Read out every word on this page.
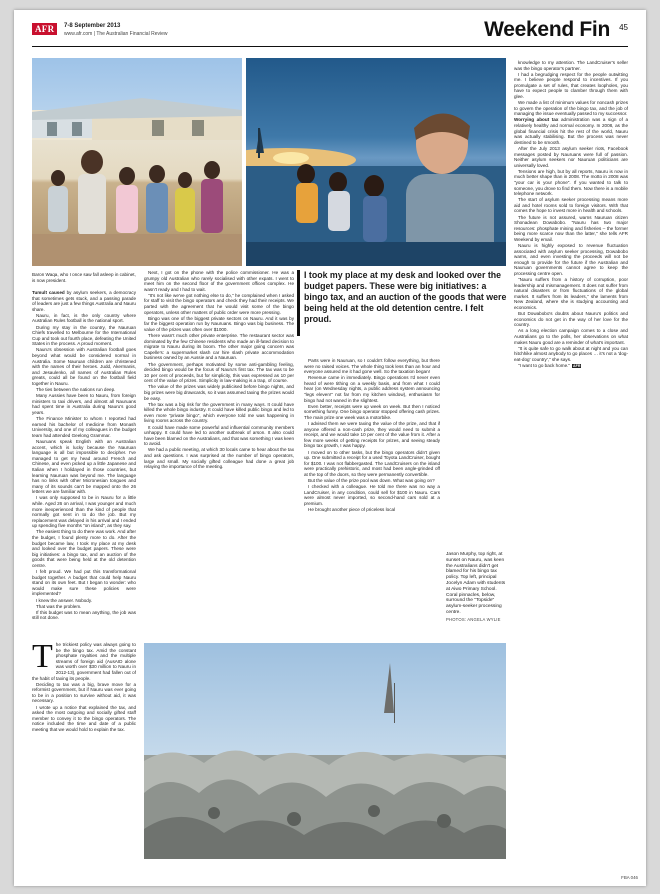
AFR	7-8 September 2013
www.afr.com | The Australian Financial Review	Weekend Fin 45
Baron Waqa, who I once saw fall asleep in cabinet, is now president.

Tumult caused by asylum seekers, a democracy that sometimes gets stuck, and a passing parade of leaders are just a few things Australia and Nauru share.

Nauru, in fact, is the only country where Australian Rules football is the national sport.

During my stay in the country, the Nauruan Chiefs travelled to Melbourne for the International Cup and took out fourth place, defeating the United States in the process. A proud moment.

Nauru's obsession with Australian football goes beyond what would be considered normal in Australia. Some Nauruan children are christened with the names of their heroes. Judd, Akermanis, and Jesaulenko, all names of Australian Rules greats, could all be found on the football field together in Nauru.

The ties between the nations run deep.

Many Aussies have been to Nauru, from foreign ministers to taxi drivers, and almost all Nauruans had spent time in Australia during Nauru's good years.

The Finance Minister to whom I reported had earned his bachelor of medicine from Monash University, and one of my colleagues in the budget team had attended Geelong Grammar.

Nauruans speak English with an Australian accent, which is lucky because the Nauruan language is all but impossible to decipher. I've managed to get my head around French and Chinese, and even picked up a little Japanese and Italian when I holidayed in those countries, but learning Nauruan was beyond me. The language has no links with other Micronesian tongues and many of its sounds can't be mapped onto the 26 letters we are familiar with.

I was only supposed to be in Nauru for a little while. Aged 26 on arrival, I was younger and much more inexperienced than the kind of people that normally got sent in to do the job. But my replacement was delayed in his arrival and I ended up spending five months "on island", as they say.

The easiest thing to do there was work. And after the budget, I found plenty more to do. After the budget became law, I took my place at my desk and looked over the budget papers. These were big initiatives: a bingo tax, and an auction of the goods that were being held at the old detention centre.

I felt proud. We had put this transformational budget together. A budget that could help Nauru stand on its own feet. But I began to wonder: who would make sure these policies were implemented?

I knew the answer. Nobody.

That was the problem.

If this budget was to mean anything, the job was still not done.

The trickiest policy was always going to be the bingo tax. Amid the constant phosphate royalties and the multiple streams of foreign aid (AusAID alone was worth over $30 million to Nauru in 2012-13), government had fallen out of the habit of taxing its people.

Deciding to tax was a big, brave move for a reformist government, but if Nauru was ever going to be in a position to survive without aid, it was necessary.

I wrote up a notice that explained the tax, and asked the most outgoing and socially gifted staff member to convey it to the bingo operators. The notice included the time and date of a public meeting that we would hold to explain the tax.

Next, I got on the phone with the police commissioner. He was a grumpy old Australian who rarely socialised with other expats. I went to meet him on the second floor of the government offices complex. He wasn't ready and I had to wait.

"It's not like we've got nothing else to do," he complained when I asked for staff to visit the bingo operators and check they had their receipts. We parted with the agreement that he would visit some of the bingo operators, unless other matters of public order were more pressing.

Bingo was one of the biggest private sectors on Nauru. And it was by far the biggest operation run by Nauruans. Bingo was big business. The value of the prizes was often over $1000.

There wasn't much other private enterprise. The restaurant sector was dominated by the few Chinese residents who made an ill-fated decision to migrate to Nauru during its boom. The other major going concern was Capelle's: a supermarket slash car hire slash private accommodation business owned by an Aussie and a Nauruan.

The government, perhaps motivated by some anti-gambling feeling, decided bingo would be the focus of Nauru's first tax. The tax was to be 10 per cent of proceeds, but for simplicity, this was expressed as 10 per cent of the value of prizes. Simplicity in law-making is a trap, of course.

The value of the prizes was widely publicised before bingo nights, and big prizes were big drawcards, so it was assumed taxing the prizes would be easy.

The tax was a big risk for the government in many ways. It could have killed the whole bingo industry. It could have killed public bingo and led to even more "private bingo", which everyone told me was happening in living rooms across the country.

It could have made some powerful and influential community members unhappy. It could have led to another outbreak of arson. It also could have been blamed on the Australians, and that was something I was keen to avoid.

We had a public meeting, at which 30 locals came to hear about the tax and ask questions. I was surprised at the number of bingo operators, large and small. My socially gifted colleague had done a great job relaying the importance of the meeting.

I took my place at my desk and looked over the budget papers. These were big initiatives: a bingo tax, and an auction of the goods that were being held at the old detention centre. I felt proud.

Parts were in Nauruan, so I couldn't follow everything, but there were no raised voices. The whole thing took less than an hour and everyone assured me it had gone well. So the taxation began!

Revenue came in immediately. Bingo operations I'd never even heard of were tithing on a weekly basis, and from what I could hear (on Wednesday nights, a public address system announcing "legs eleven!" not far from my kitchen window), enthusiasm for bingo had not waned in the slightest.

Even better, receipts were up week on week. But then I noticed something funny. One bingo operator stopped offering cash prizes. The main prize one week was a motorbike.

I advised them we were taxing the value of the prize, and that if anyone offered a non-cash prize, they would need to submit a receipt, and we would take 10 per cent of the value from it. After a few more weeks of getting receipts for prizes, and seeing steady bingo tax growth, I was happy.

I moved on to other tasks, but the bingo operators didn't given up. One submitted a receipt for a used Toyota LandCruiser, bought for $100. I was not flabbergasted. The LandCruisers on the island were practically prehistoric, and most had been angle-grinded off at the top of the doors, so they were permanently convertible.

But the value of the prize pool was down. What was going on?

I checked with a colleague. He told me there was no way a LandCruiser, in any condition, could sell for $100 in Nauru. Cars were almost never imported, so second-hand cars sold at a premium.

He brought another piece of priceless local

Jason Murphy, top right, at sunset on Nauru, was keen the Australians didn't get blamed for his bingo tax policy. Top left, principal Jocelyn Adam with students at Aiwo Primary School. Coral pinnacles, below, surround the "Topside" asylum-seeker processing centre.
PHOTOS: ANGELA WYLIE

knowledge to my attention. The LandCruiser's seller was the bingo operator's partner.

I had a begrudging respect for the people outwitting me. I believe people respond to incentives. If you promulgate a set of rules, that creates loopholes, you have to expect people to clamber through them with glee.

We made a list of minimum values for noncash prizes to govern the operation of the bingo tax, and the job of managing the issue eventually passed to my successor.

Worrying about tax administration was a sign of a relatively healthy and normal economy. In 2008, as the global financial crisis hit the rest of the world, Nauru was actually stabilising. But the process was never destined to be smooth.

After the July 2013 asylum seeker riots, Facebook messages posted by Nauruans were full of passion. Neither asylum seekers nor Nauruan politicians are universally loved.

Tensions are high, but by all reports, Nauru is now in much better shape than in 2008. The motto in 2008 was "your car is your phone". If you wanted to talk to someone, you drove to find them. Now there is a mobile telephone network.

The start of asylum seeker processing means more aid and hotel rooms sold to foreign visitors. With that comes the hope to invest more in health and schools.

The future is not assured, warns Nauruan citizen Shonadean Dowabobo. "Nauru has two major resources: phosphate mining and fisheries – the former being more scarce now than the latter," she tells AFR Weekend by email.

Nauru is highly exposed to revenue fluctuation associated with asylum seeker processing, Dowabobo warns, and even investing the proceeds will not be enough to provide for the future if the Australian and Nauruan governments cannot agree to keep the processing centre open.

"Nauru suffers from a history of corruption, poor leadership and mismanagement. It does not suffer from natural disasters or from fluctuations of the global market. It suffers from its leaders," she laments from New Zealand, where she is studying accounting and economics.

But Dowabobo's doubts about Nauru's politics and economics do not get in the way of her love for the country.

As a long election campaign comes to a close and Australians go to the polls, her observations on what makes Nauru good are a reminder of what's important.

"It is quite safe to go walk about at night and you can hitchhike almost anybody to go places … it's not a 'dog-eat-dog' country'," she says.

"I want to go back home." AFR

FBA 046
